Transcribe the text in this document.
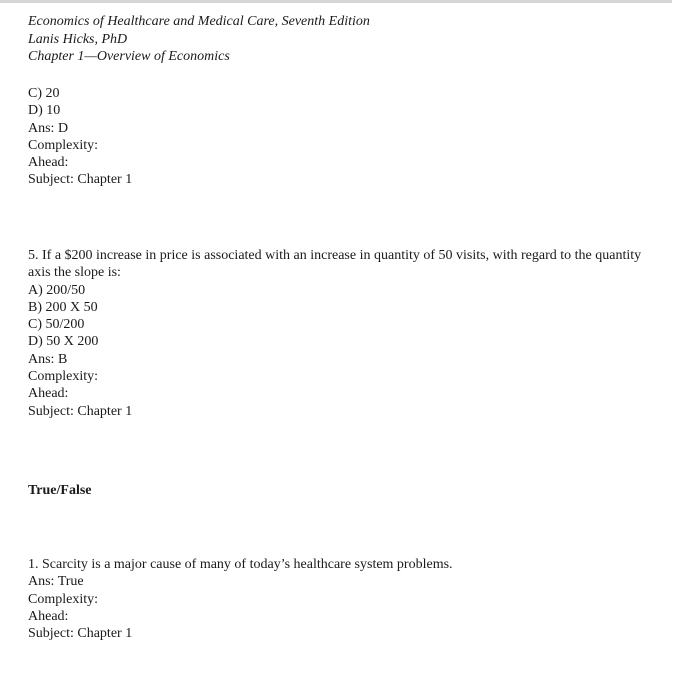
Economics of Healthcare and Medical Care, Seventh Edition
Lanis Hicks, PhD
Chapter 1—Overview of Economics
C) 20
D) 10
Ans: D
Complexity:
Ahead:
Subject: Chapter 1
5. If a $200 increase in price is associated with an increase in quantity of 50 visits, with regard to the quantity axis the slope is:
A) 200/50
B) 200 X 50
C) 50/200
D) 50 X 200
Ans: B
Complexity:
Ahead:
Subject: Chapter 1
True/False
1. Scarcity is a major cause of many of today’s healthcare system problems.
Ans: True
Complexity:
Ahead:
Subject: Chapter 1
